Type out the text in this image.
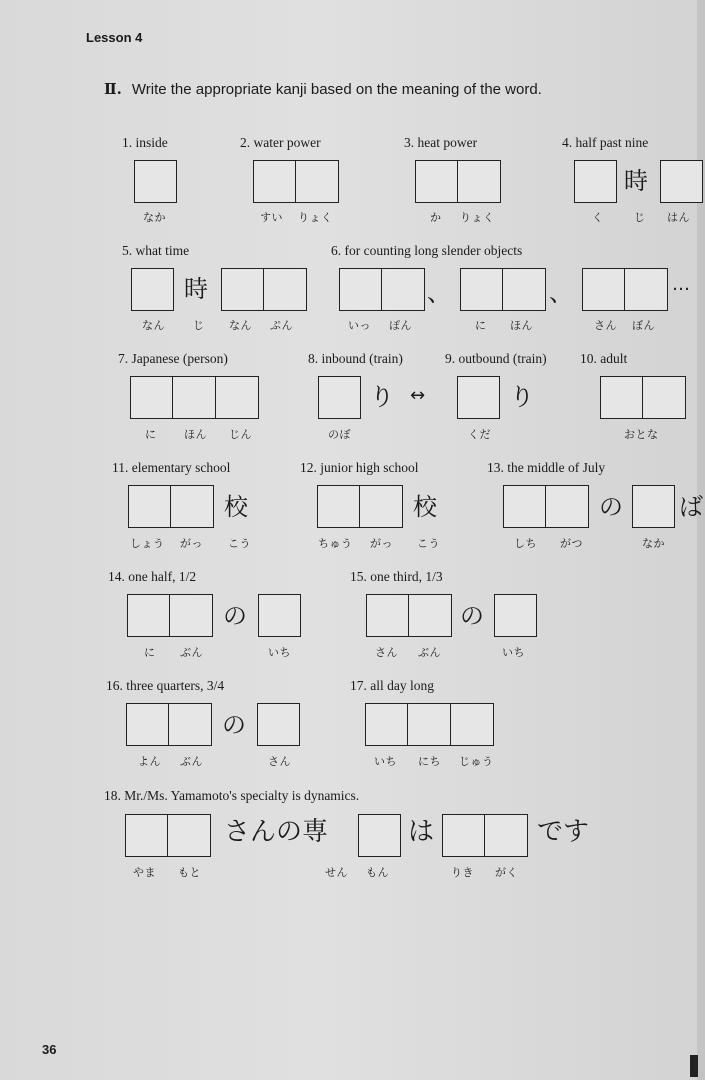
Lesson 4
Ⅱ. Write the appropriate kanji based on the meaning of the word.
1. inside
なか
2. water power
すい りょく
3. heat power
か りょく
4. half past nine
時
く	じ はん
5. what time
時
なん	じ なん ぷん
6. for counting long slender objects
、	、	…
いっ ぽん	に ほん	さん ぼん
7. Japanese (person)
に	ほん じん
8. inbound (train)
り ↔
のぼ
9. outbound (train)
り
くだ
10. adult
おとな
11. elementary school
校
しょう がっ こう
12. junior high school
校
ちゅう がっ こう
13. the middle of July
の ば
しち がつ	なか
14. one half, 1/2
の
に ぶん	いち
15. one third, 1/3
の
さん ぶん	いち
16. three quarters, 3/4
の
よん ぶん	さん
17. all day long
いち にち じゅう
18. Mr./Ms. Yamamoto's specialty is dynamics.
さんの専	は	です
やま もと	せん もん	りき がく
36
